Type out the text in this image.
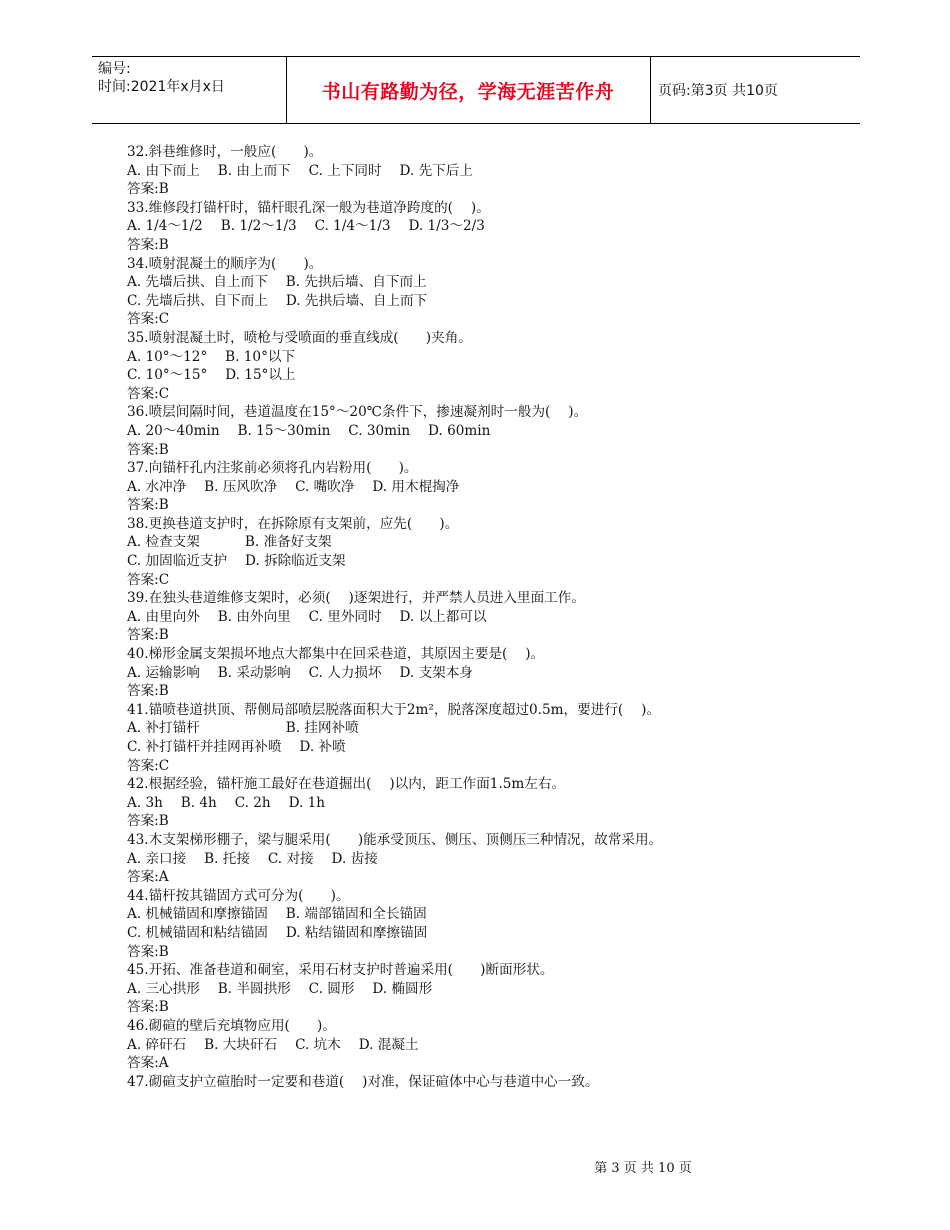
编号:
时间:2021年x月x日	书山有路勤为径，学海无涯苦作舟	页码:第3页 共10页
32.斜巷维修时，一般应(　　)。
A. 由下而上　 B. 由上而下　 C. 上下同时　 D. 先下后上
答案:B
33.维修段打锚杆时，锚杆眼孔深一般为巷道净跨度的(　 )。
A. 1/4～1/2　 B. 1/2～1/3　 C. 1/4～1/3　 D. 1/3～2/3
答案:B
34.喷射混凝土的顺序为(　　)。
A. 先墙后拱、自上而下　 B. 先拱后墙、自下而上
C. 先墙后拱、自下而上　 D. 先拱后墙、自上而下
答案:C
35.喷射混凝土时，喷枪与受喷面的垂直线成(　　)夹角。
A. 10°～12°　 B. 10°以下
C. 10°～15°　 D. 15°以上
答案:C
36.喷层间隔时间，巷道温度在15°～20℃条件下，掺速凝剂时一般为(　 )。
A. 20～40min　 B. 15～30min　 C. 30min　 D. 60min
答案:B
37.向锚杆孔内注浆前必须将孔内岩粉用(　　)。
A. 水冲净　 B. 压风吹净　 C. 嘴吹净　 D. 用木棍掏净
答案:B
38.更换巷道支护时，在拆除原有支架前，应先(　　)。
A. 检查支架　　　 B. 准备好支架
C. 加固临近支护　 D. 拆除临近支架
答案:C
39.在独头巷道维修支架时，必须(　 )逐架进行，并严禁人员进入里面工作。
A. 由里向外　 B. 由外向里　 C. 里外同时　 D. 以上都可以
答案:B
40.梯形金属支架损坏地点大都集中在回采巷道，其原因主要是(　 )。
A. 运输影响　 B. 采动影响　 C. 人力损坏　 D. 支架本身
答案:B
41.锚喷巷道拱顶、帮侧局部喷层脱落面积大于2m²，脱落深度超过0.5m，要进行(　 )。
A. 补打锚杆　　　　　　 B. 挂网补喷
C. 补打锚杆并挂网再补喷　 D. 补喷
答案:C
42.根据经验，锚杆施工最好在巷道掘出(　 )以内，距工作面1.5m左右。
A. 3h　 B. 4h　 C. 2h　 D. 1h
答案:B
43.木支架梯形棚子，梁与腿采用(　　)能承受顶压、侧压、顶侧压三种情况，故常采用。
A. 亲口接　 B. 托接　 C. 对接　 D. 齿接
答案:A
44.锚杆按其锚固方式可分为(　　)。
A. 机械锚固和摩擦锚固　 B. 端部锚固和全长锚固
C. 机械锚固和粘结锚固　 D. 粘结锚固和摩擦锚固
答案:B
45.开拓、准备巷道和硐室，采用石材支护时普遍采用(　　)断面形状。
A. 三心拱形　 B. 半圆拱形　 C. 圆形　 D. 椭圆形
答案:B
46.砌碹的壁后充填物应用(　　)。
A. 碎矸石　 B. 大块矸石　 C. 坑木　 D. 混凝土
答案:A
47.砌碹支护立碹胎时一定要和巷道(　 )对准，保证碹体中心与巷道中心一致。
第 3 页 共 10 页
